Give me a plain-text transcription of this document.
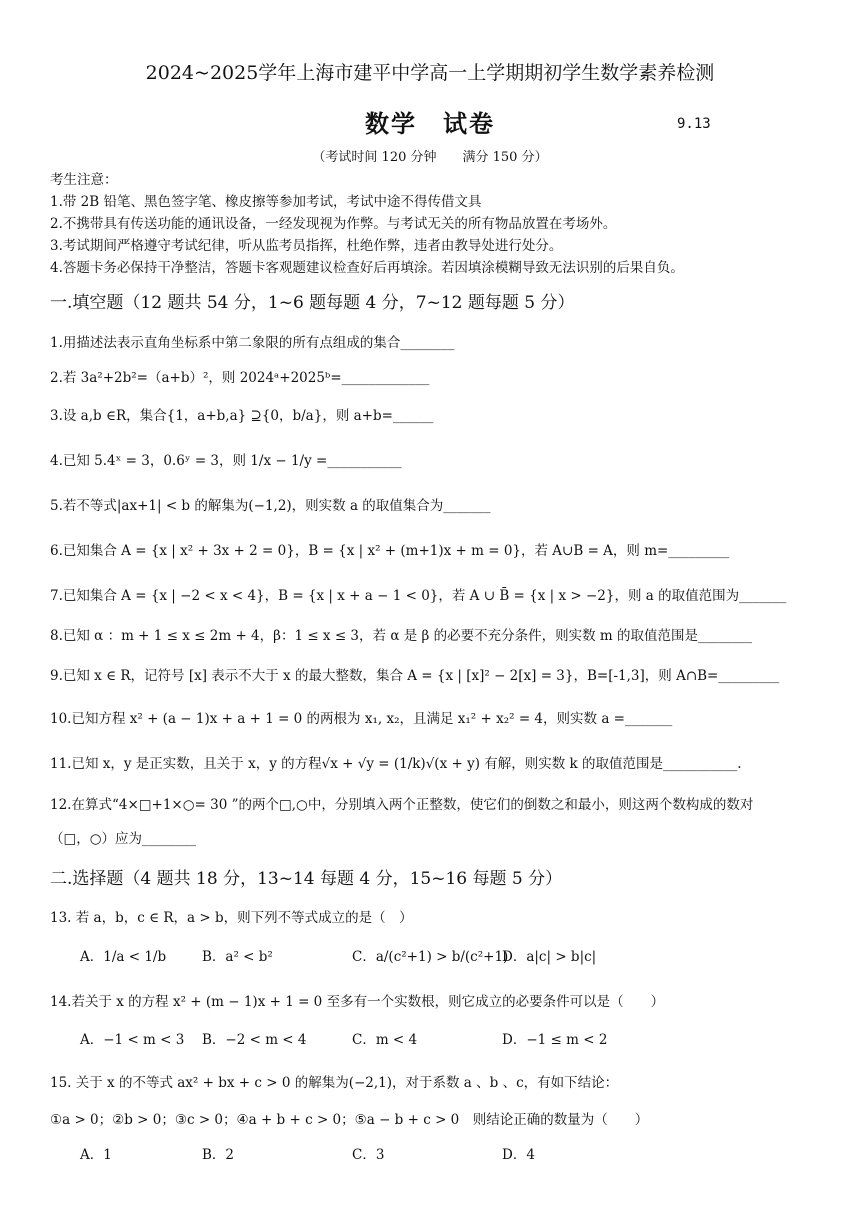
2024~2025学年上海市建平中学高一上学期期初学生数学素养检测
数学　试卷	9.13
（考试时间 120 分钟　　满分 150 分）
考生注意：
1.带 2B 铅笔、黑色签字笔、橡皮擦等参加考试，考试中途不得传借文具
2.不携带具有传送功能的通讯设备，一经发现视为作弊。与考试无关的所有物品放置在考场外。
3.考试期间严格遵守考试纪律，听从监考员指挥，杜绝作弊，违者由教导处进行处分。
4.答题卡务必保持干净整洁，答题卡客观题建议检查好后再填涂。若因填涂模糊导致无法识别的后果自负。
一.填空题（12 题共 54 分，1~6 题每题 4 分，7~12 题每题 5 分）
1.用描述法表示直角坐标系中第二象限的所有点组成的集合________
2.若 3a²+2b²=（a+b）²，则 2024ᵃ+2025ᵇ=_____________
3.设 a,b ∈R，集合{1，a+b,a} ⊇{0，b/a}，则 a+b=______
4.已知 5.4ˣ = 3，0.6ʸ = 3，则 1/x − 1/y =___________
5.若不等式|ax+1| < b 的解集为(−1,2)，则实数 a 的取值集合为_______
6.已知集合 A = {x | x² + 3x + 2 = 0}，B = {x | x² + (m+1)x + m = 0}，若 A∪B = A，则 m=_________
7.已知集合 A = {x | −2 < x < 4}，B = {x | x + a − 1 < 0}，若 A ∪ B̄ = {x | x > −2}，则 a 的取值范围为_______
8.已知 α ：m + 1 ≤ x ≤ 2m + 4，β：1 ≤ x ≤ 3，若 α 是 β 的必要不充分条件，则实数 m 的取值范围是________
9.已知 x ∈ R，记符号 [x] 表示不大于 x 的最大整数，集合 A = {x | [x]² − 2[x] = 3}，B=[-1,3]，则 A∩B=_________
10.已知方程 x² + (a − 1)x + a + 1 = 0 的两根为 x₁, x₂，且满足 x₁² + x₂² = 4，则实数 a =_______
11.已知 x，y 是正实数，且关于 x，y 的方程√x + √y = (1/k)√(x + y) 有解，则实数 k 的取值范围是___________.
12.在算式“4×□+1×○= 30 ”的两个□,○中，分别填入两个正整数，使它们的倒数之和最小，则这两个数构成的数对
（□，○）应为________
二.选择题（4 题共 18 分，13~14 每题 4 分，15~16 每题 5 分）
13. 若 a，b，c ∈ R，a > b，则下列不等式成立的是（　）
A．1/a < 1/b	B．a² < b²	C．a/(c²+1) > b/(c²+1)
D．a|c| > b|c|
14.若关于 x 的方程 x² + (m − 1)x + 1 = 0 至多有一个实数根，则它成立的必要条件可以是（　　）
A．−1 < m < 3 B．−2 < m < 4	C．m < 4	D．−1 ≤ m < 2
15. 关于 x 的不等式 ax² + bx + c > 0 的解集为(−2,1)，对于系数 a 、b 、c，有如下结论：
①a > 0；②b > 0；③c > 0；④a + b + c > 0；⑤a − b + c > 0　则结论正确的数量为（　　）
A．1	B．2	C．3	D．4
